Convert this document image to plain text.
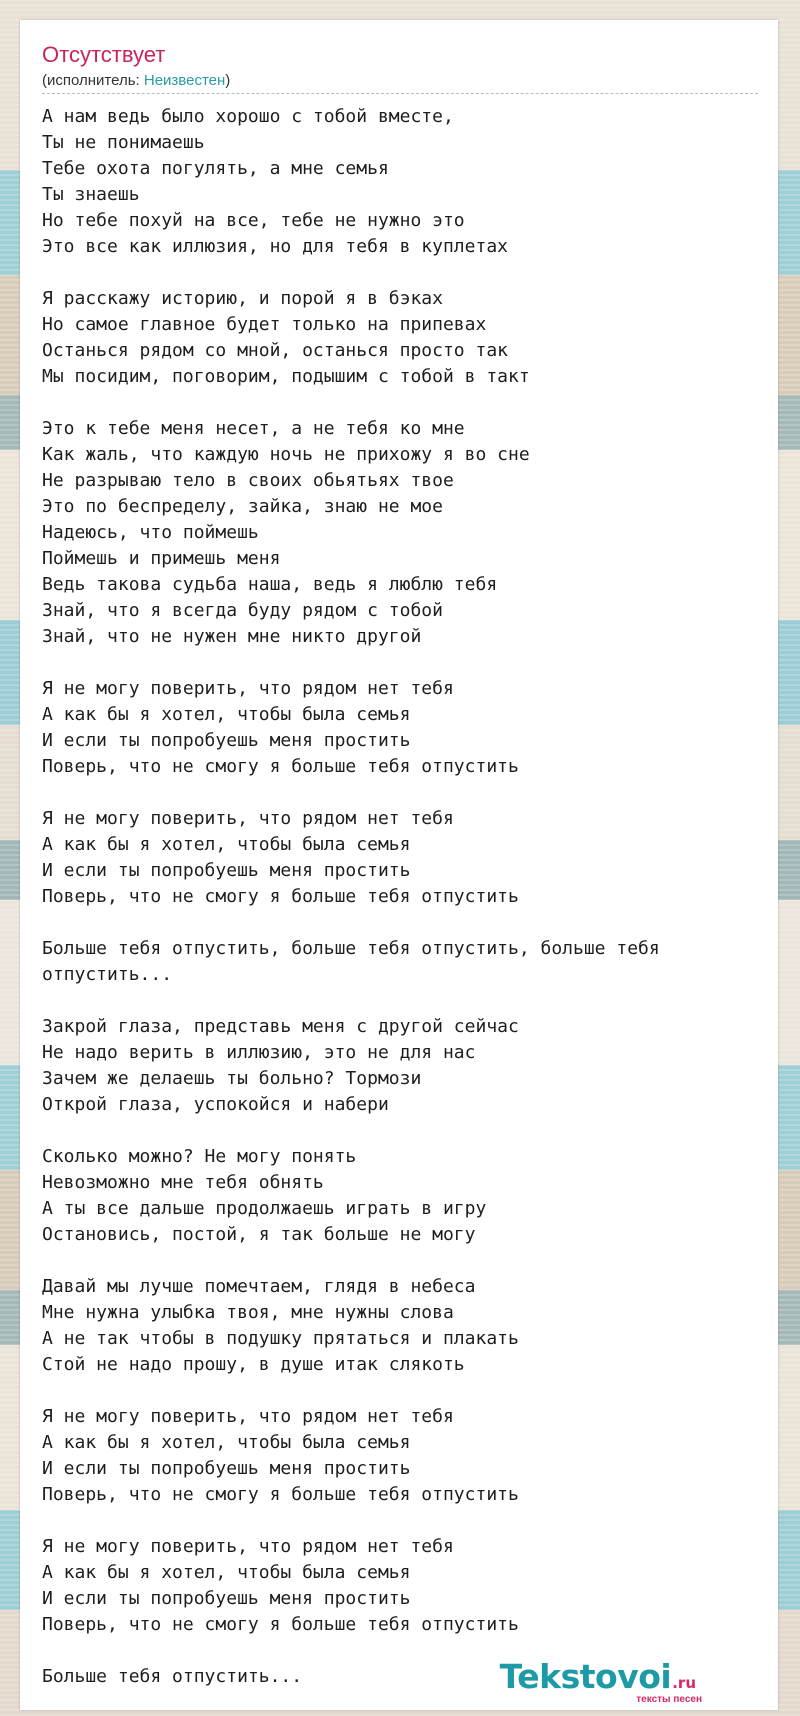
Отсутствует
(исполнитель: Неизвестен)
А нам ведь было хорошо с тобой вместе,
Ты не понимаешь
Тебе охота погулять, а мне семья
Ты знаешь
Но тебе похуй на все, тебе не нужно это
Это все как иллюзия, но для тебя в куплетах

Я расскажу историю, и порой я в бэках
Но самое главное будет только на припевах
Останься рядом со мной, останься просто так
Мы посидим, поговорим, подышим с тобой в такт

Это к тебе меня несет, а не тебя ко мне
Как жаль, что каждую ночь не прихожу я во сне
Не разрываю тело в своих обьятьях твое
Это по беспределу, зайка, знаю не мое
Надеюсь, что поймешь
Поймешь и примешь меня
Ведь такова судьба наша, ведь я люблю тебя
Знай, что я всегда буду рядом с тобой
Знай, что не нужен мне никто другой

Я не могу поверить, что рядом нет тебя
А как бы я хотел, чтобы была семья
И если ты попробуешь меня простить
Поверь, что не смогу я больше тебя отпустить

Я не могу поверить, что рядом нет тебя
А как бы я хотел, чтобы была семья
И если ты попробуешь меня простить
Поверь, что не смогу я больше тебя отпустить

Больше тебя отпустить, больше тебя отпустить, больше тебя отпустить...

Закрой глаза, представь меня с другой сейчас
Не надо верить в иллюзию, это не для нас
Зачем же делаешь ты больно? Тормози
Открой глаза, успокойся и набери

Сколько можно? Не могу понять
Невозможно мне тебя обнять
А ты все дальше продолжаешь играть в игру
Остановись, постой, я так больше не могу

Давай мы лучше помечтаем, глядя в небеса
Мне нужна улыбка твоя, мне нужны слова
А не так чтобы в подушку прятаться и плакать
Стой не надо прошу, в душе итак слякоть

Я не могу поверить, что рядом нет тебя
А как бы я хотел, чтобы была семья
И если ты попробуешь меня простить
Поверь, что не смогу я больше тебя отпустить

Я не могу поверить, что рядом нет тебя
А как бы я хотел, чтобы была семья
И если ты попробуешь меня простить
Поверь, что не смогу я больше тебя отпустить

Больше тебя отпустить...	Tekstovoi.ru
тексты песен
